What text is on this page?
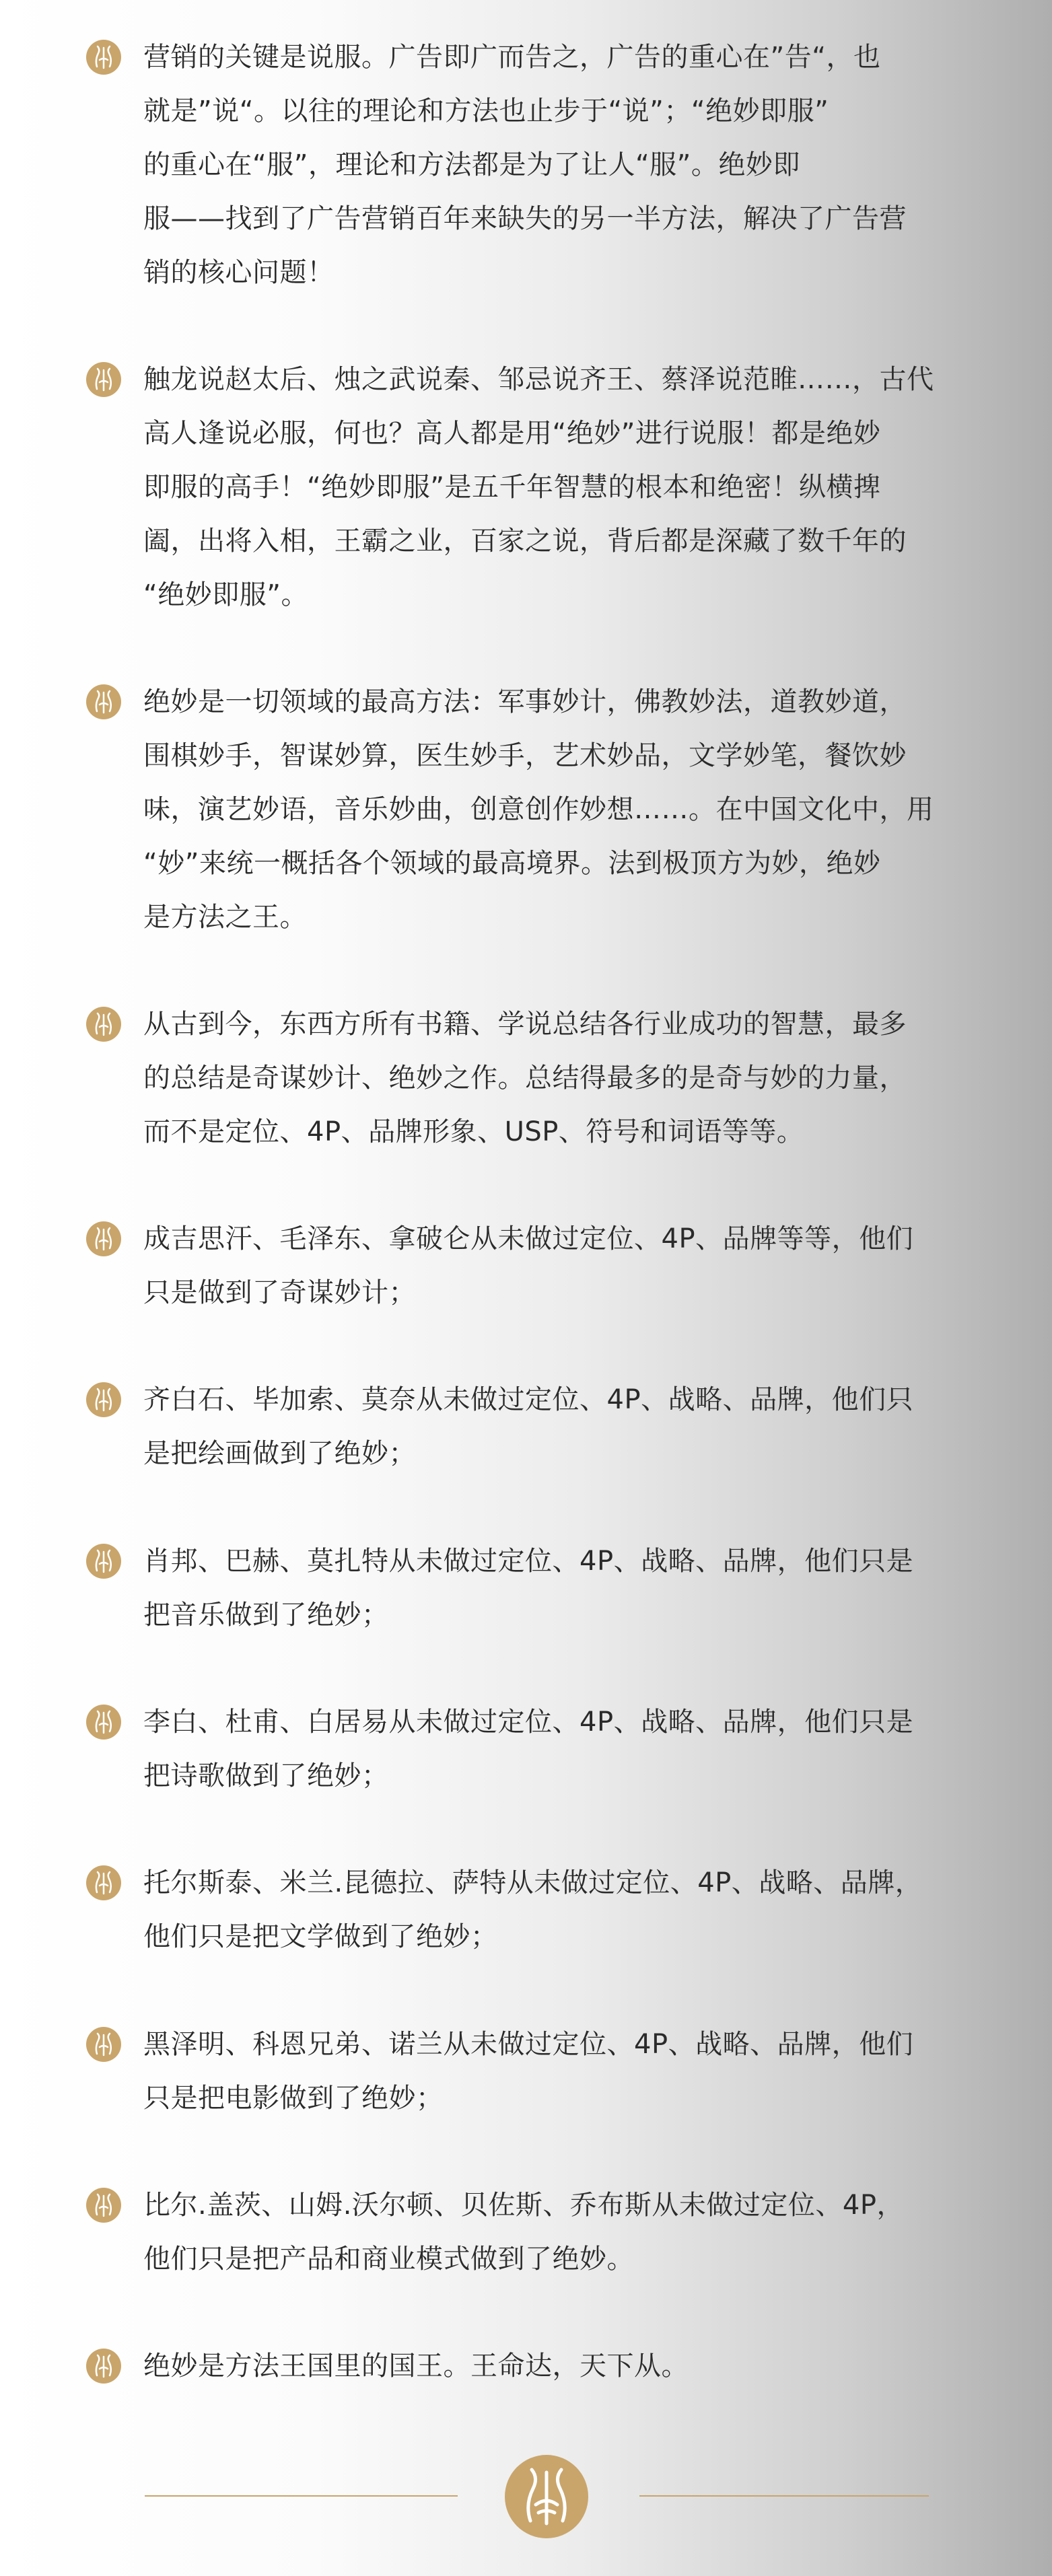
营销的关键是说服。广告即广而告之，广告的重心在”告“，也
就是”说“。以往的理论和方法也止步于“说”；“绝妙即服”
的重心在“服”，理论和方法都是为了让人“服”。绝妙即
服——找到了广告营销百年来缺失的另一半方法，解决了广告营
销的核心问题！
触龙说赵太后、烛之武说秦、邹忌说齐王、蔡泽说范睢……，古代
高人逢说必服，何也？高人都是用“绝妙”进行说服！都是绝妙
即服的高手！“绝妙即服”是五千年智慧的根本和绝密！纵横捭
阖，出将入相，王霸之业，百家之说，背后都是深藏了数千年的
“绝妙即服”。
绝妙是一切领域的最高方法：军事妙计，佛教妙法，道教妙道，
围棋妙手，智谋妙算，医生妙手，艺术妙品，文学妙笔，餐饮妙
味，演艺妙语，音乐妙曲，创意创作妙想……。在中国文化中，用
“妙”来统一概括各个领域的最高境界。法到极顶方为妙，绝妙
是方法之王。
从古到今，东西方所有书籍、学说总结各行业成功的智慧，最多
的总结是奇谋妙计、绝妙之作。总结得最多的是奇与妙的力量，
而不是定位、4P、品牌形象、USP、符号和词语等等。
成吉思汗、毛泽东、拿破仑从未做过定位、4P、品牌等等，他们
只是做到了奇谋妙计；
齐白石、毕加索、莫奈从未做过定位、4P、战略、品牌，他们只
是把绘画做到了绝妙；
肖邦、巴赫、莫扎特从未做过定位、4P、战略、品牌，他们只是
把音乐做到了绝妙；
李白、杜甫、白居易从未做过定位、4P、战略、品牌，他们只是
把诗歌做到了绝妙；
托尔斯泰、米兰.昆德拉、萨特从未做过定位、4P、战略、品牌，
他们只是把文学做到了绝妙；
黑泽明、科恩兄弟、诺兰从未做过定位、4P、战略、品牌，他们
只是把电影做到了绝妙；
比尔.盖茨、山姆.沃尔顿、贝佐斯、乔布斯从未做过定位、4P，
他们只是把产品和商业模式做到了绝妙。
绝妙是方法王国里的国王。王命达，天下从。
